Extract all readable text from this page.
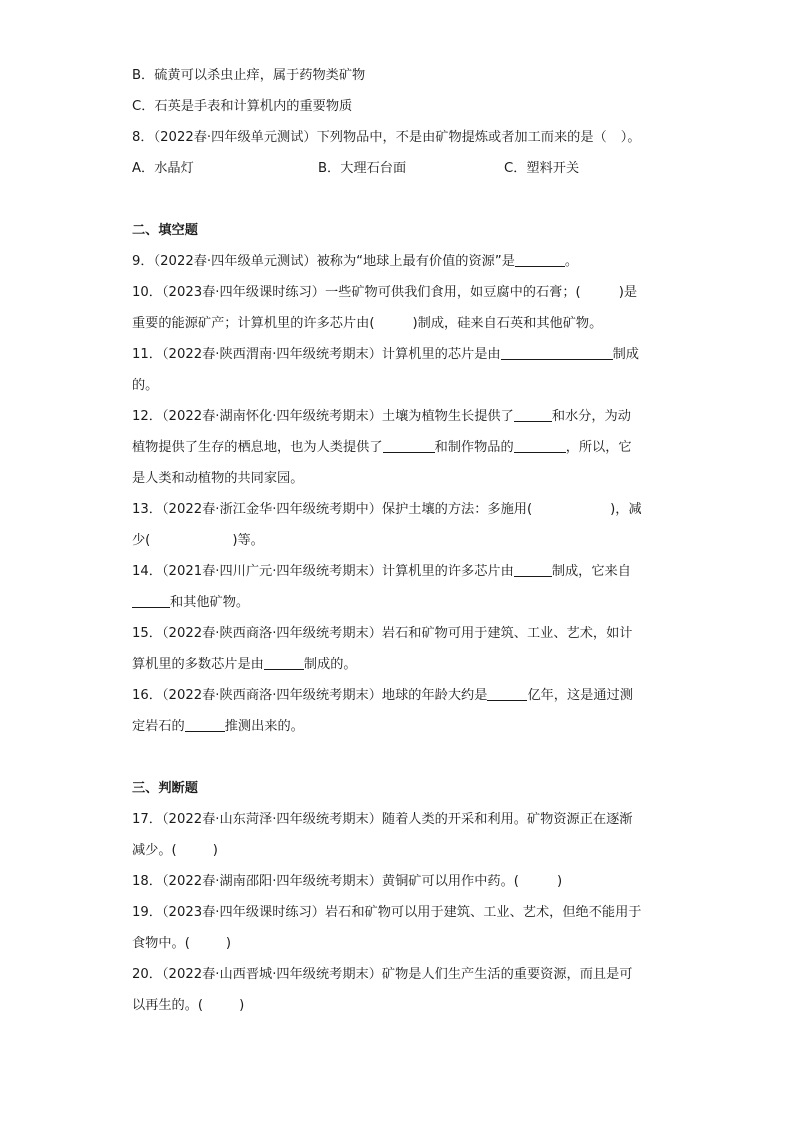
B．硫黄可以杀虫止痒，属于药物类矿物
C．石英是手表和计算机内的重要物质
8．（2022春·四年级单元测试）下列物品中，不是由矿物提炼或者加工而来的是（ ）。
A．水晶灯	B．大理石台面	C．塑料开关
二、填空题
9．（2022春·四年级单元测试）被称为“地球上最有价值的资源”是	。
10．（2023春·四年级课时练习）一些矿物可供我们食用，如豆腐中的石膏；(	)是
重要的能源矿产；计算机里的许多芯片由(	)制成，硅来自石英和其他矿物。
11．（2022春·陕西渭南·四年级统考期末）计算机里的芯片是由	制成
的。
12．（2022春·湖南怀化·四年级统考期末）土壤为植物生长提供了	和水分，为动
植物提供了生存的栖息地，也为人类提供了	和制作物品的	，所以，它
是人类和动植物的共同家园。
13．（2022春·浙江金华·四年级统考期中）保护土壤的方法：多施用(	)，减
少(	)等。
14．（2021春·四川广元·四年级统考期末）计算机里的许多芯片由	制成，它来自
和其他矿物。
15．（2022春·陕西商洛·四年级统考期末）岩石和矿物可用于建筑、工业、艺术，如计
算机里的多数芯片是由	制成的。
16．（2022春·陕西商洛·四年级统考期末）地球的年龄大约是	亿年，这是通过测
定岩石的	推测出来的。
三、判断题
17．（2022春·山东菏泽·四年级统考期末）随着人类的开采和利用。矿物资源正在逐渐
减少。(	)
18．（2022春·湖南邵阳·四年级统考期末）黄铜矿可以用作中药。(	)
19．（2023春·四年级课时练习）岩石和矿物可以用于建筑、工业、艺术，但绝不能用于
食物中。(	)
20．（2022春·山西晋城·四年级统考期末）矿物是人们生产生活的重要资源，而且是可
以再生的。(	)
